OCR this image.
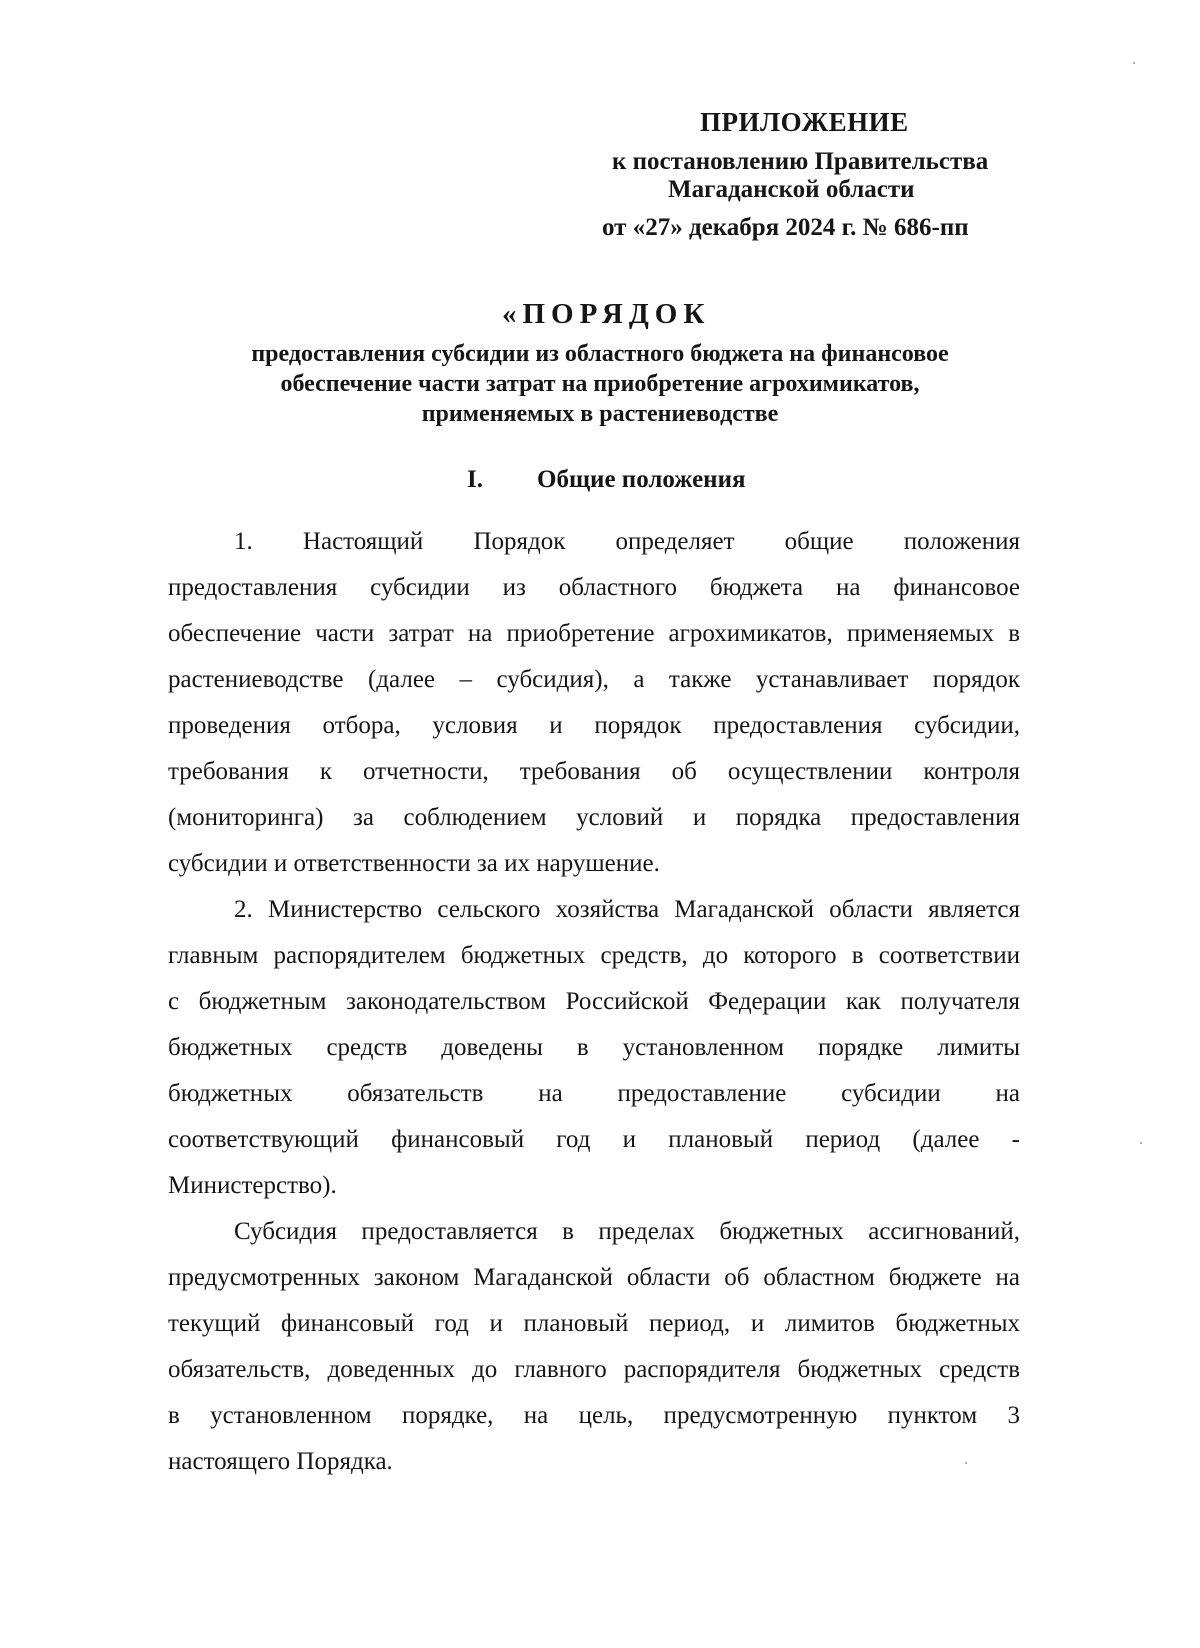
ПРИЛОЖЕНИЕ
к постановлению Правительства
Магаданской области
от «27» декабря 2024 г. № 686-пп
«ПОРЯДОК
предоставления субсидии из областного бюджета на финансовое
обеспечение части затрат на приобретение агрохимикатов,
применяемых в растениеводстве
I. Общие положения
1. Настоящий Порядок определяет общие положения
предоставления субсидии из областного бюджета на финансовое
обеспечение части затрат на приобретение агрохимикатов, применяемых в
растениеводстве (далее – субсидия), а также устанавливает порядок
проведения отбора, условия и порядок предоставления субсидии,
требования к отчетности, требования об осуществлении контроля
(мониторинга) за соблюдением условий и порядка предоставления
субсидии и ответственности за их нарушение.
2. Министерство сельского хозяйства Магаданской области является
главным распорядителем бюджетных средств, до которого в соответствии
с бюджетным законодательством Российской Федерации как получателя
бюджетных средств доведены в установленном порядке лимиты
бюджетных обязательств на предоставление субсидии на
соответствующий финансовый год и плановый период (далее -
Министерство).
Субсидия предоставляется в пределах бюджетных ассигнований,
предусмотренных законом Магаданской области об областном бюджете на
текущий финансовый год и плановый период, и лимитов бюджетных
обязательств, доведенных до главного распорядителя бюджетных средств
в установленном порядке, на цель, предусмотренную пунктом 3
настоящего Порядка.
